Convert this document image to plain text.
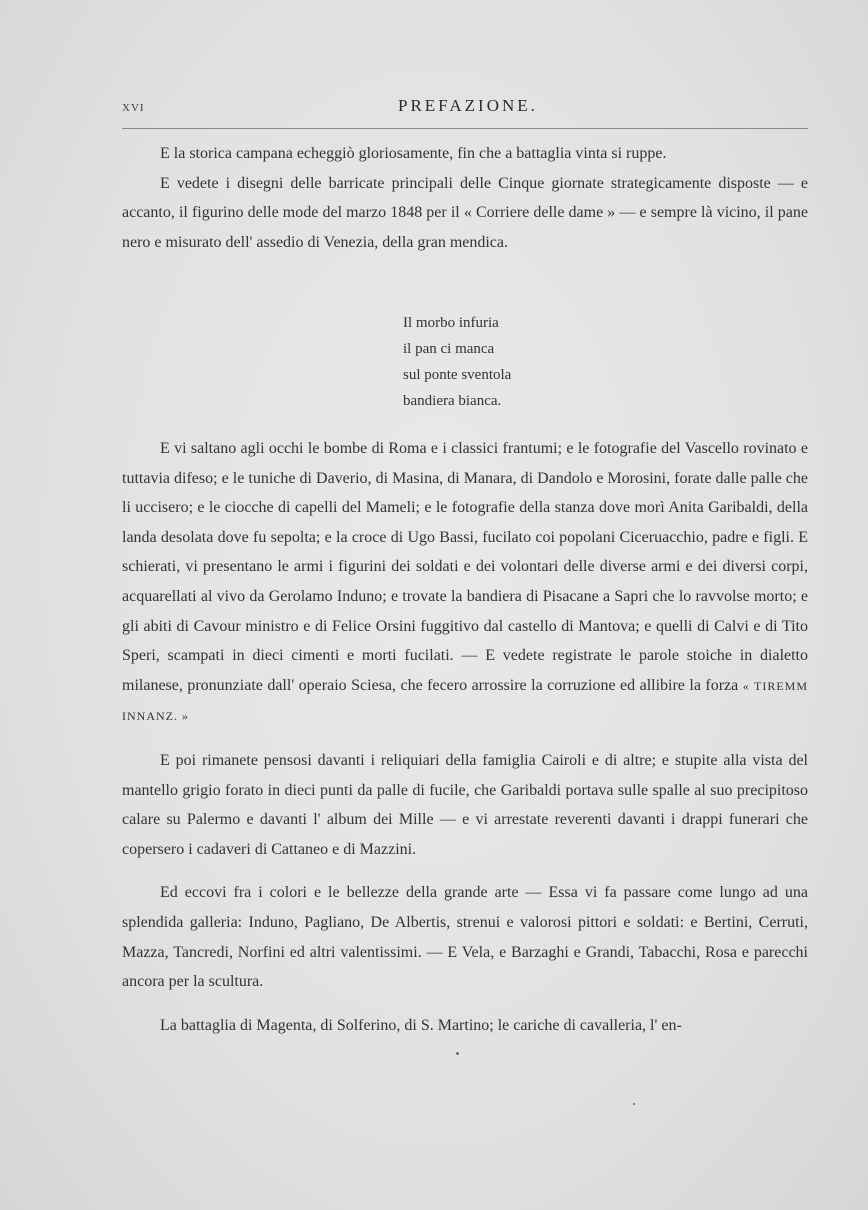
XVI	PREFAZIONE.

E la storica campana echeggiò gloriosamente, fin che a battaglia vinta si ruppe.

E vedete i disegni delle barricate principali delle Cinque giornate strategicamente disposte — e accanto, il figurino delle mode del marzo 1848 per il « Corriere delle dame » — e sempre là vicino, il pane nero e misurato dell' assedio di Venezia, della gran mendica.

Il morbo infuria
il pan ci manca
sul ponte sventola
bandiera bianca.

E vi saltano agli occhi le bombe di Roma e i classici frantumi; e le fotografie del Vascello rovinato e tuttavia difeso; e le tuniche di Daverio, di Masina, di Manara, di Dandolo e Morosini, forate dalle palle che li uccisero; e le ciocche di capelli del Mameli; e le fotografie della stanza dove morì Anita Garibaldi, della landa desolata dove fu sepolta; e la croce di Ugo Bassi, fucilato coi popolani Ciceruacchio, padre e figli. E schierati, vi presentano le armi i figurini dei soldati e dei volontari delle diverse armi e dei diversi corpi, acquarellati al vivo da Gerolamo Induno; e trovate la bandiera di Pisacane a Sapri che lo ravvolse morto; e gli abiti di Cavour ministro e di Felice Orsini fuggitivo dal castello di Mantova; e quelli di Calvi e di Tito Speri, scampati in dieci cimenti e morti fucilati. — E vedete registrate le parole stoiche in dialetto milanese, pronunziate dall' operaio Sciesa, che fecero arrossire la corruzione ed allibire la forza « TIREMM INNANZ. »

E poi rimanete pensosi davanti i reliquiari della famiglia Cairoli e di altre; e stupite alla vista del mantello grigio forato in dieci punti da palle di fucile, che Garibaldi portava sulle spalle al suo precipitoso calare su Palermo e davanti l' album dei Mille — e vi arrestate reverenti davanti i drappi funerari che copersero i cadaveri di Cattaneo e di Mazzini.

Ed eccovi fra i colori e le bellezze della grande arte — Essa vi fa passare come lungo ad una splendida galleria: Induno, Pagliano, De Albertis, strenui e valorosi pittori e soldati: e Bertini, Cerruti, Mazza, Tancredi, Norfini ed altri valentissimi. — E Vela, e Barzaghi e Grandi, Tabacchi, Rosa e parecchi ancora per la scultura.

La battaglia di Magenta, di Solferino, di S. Martino; le cariche di cavalleria, l' en-
